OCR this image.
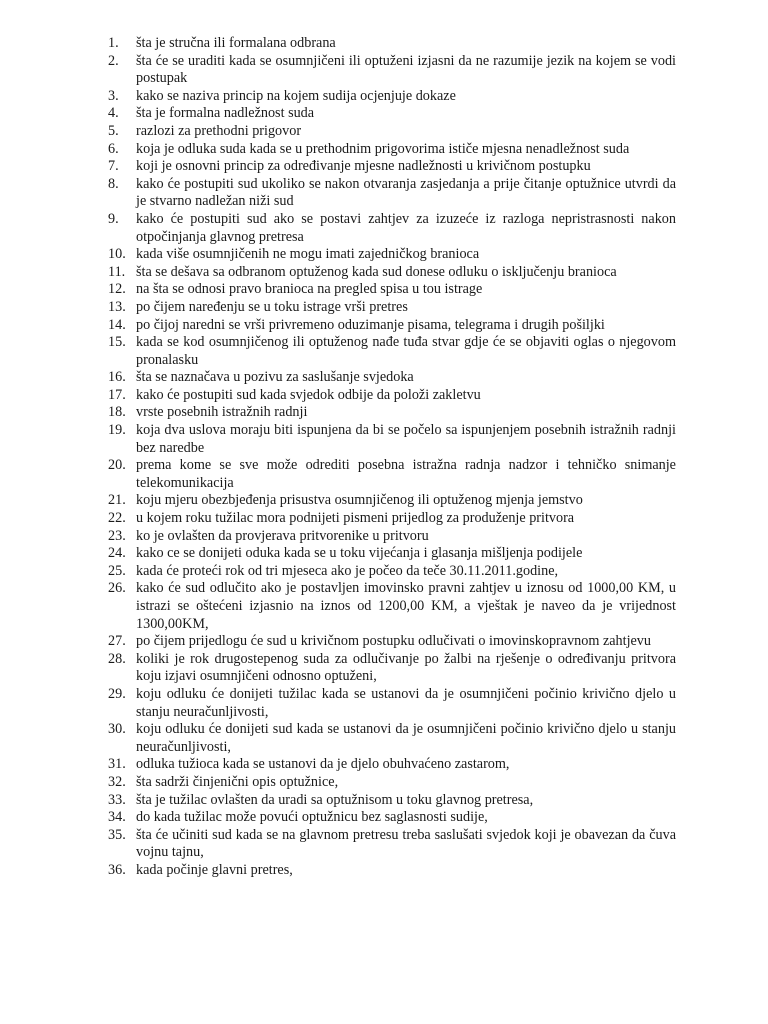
1.	šta je stručna ili formalana odbrana
2.	šta će se uraditi kada se osumnjičeni ili optuženi izjasni da ne razumije jezik na kojem se vodi postupak
3.	kako se naziva princip na kojem sudija ocjenjuje dokaze
4.	šta je formalna nadležnost suda
5.	razlozi za prethodni prigovor
6.	koja je odluka suda kada se u prethodnim prigovorima ističe mjesna nenadležnost suda
7.	koji je osnovni princip za određivanje mjesne nadležnosti u krivičnom postupku
8.	kako će postupiti sud ukoliko se nakon otvaranja zasjedanja a prije čitanje optužnice utvrdi da je stvarno nadležan niži sud
9.	kako će postupiti sud ako se postavi zahtjev za izuzeće iz razloga nepristrasnosti nakon otpočinjanja glavnog pretresa
10. kada više osumnjičenih ne mogu imati zajedničkog branioca
11. šta se dešava sa odbranom optuženog kada sud donese odluku o isključenju branioca
12. na šta se odnosi pravo branioca na pregled spisa u tou istrage
13. po čijem naređenju se u toku istrage vrši pretres
14. po čijoj naredni se vrši privremeno oduzimanje pisama, telegrama i drugih pošiljki
15. kada se kod osumnjičenog ili optuženog nađe tuđa stvar gdje će se objaviti oglas o njegovom pronalasku
16. šta se naznačava u pozivu za saslušanje svjedoka
17. kako će postupiti sud kada svjedok odbije da položi zakletvu
18. vrste posebnih istražnih radnji
19. koja dva uslova moraju biti ispunjena da bi se počelo sa ispunjenjem posebnih istražnih radnji bez naredbe
20. prema kome se sve može odrediti posebna istražna radnja nadzor i tehničko snimanje telekomunikacija
21. koju mjeru obezbjeđenja prisustva osumnjičenog ili optuženog mjenja jemstvo
22. u kojem roku tužilac mora podnijeti pismeni prijedlog za produženje pritvora
23. ko je ovlašten da provjerava pritvorenike u pritvoru
24. kako ce se donijeti oduka kada se u toku vijećanja i glasanja mišljenja podijele
25. kada će proteći rok od tri mjeseca ako je počeo da teče 30.11.2011.godine,
26. kako će sud odlučito ako je postavljen imovinsko pravni zahtjev u iznosu od 1000,00 KM, u istrazi se oštećeni izjasnio na iznos od 1200,00 KM, a vještak je naveo da je vrijednost 1300,00KM,
27. po čijem prijedlogu će sud u krivičnom postupku odlučivati o imovinskopravnom zahtjevu
28. koliki je rok drugostepenog suda za odlučivanje po žalbi na rješenje o određivanju pritvora koju izjavi osumnjičeni odnosno optuženi,
29. koju odluku će donijeti tužilac kada se ustanovi da je osumnjičeni počinio krivično djelo u stanju neuračunljivosti,
30. koju odluku će donijeti sud kada se ustanovi da je osumnjičeni počinio krivično djelo u stanju neuračunljivosti,
31. odluka tužioca kada se ustanovi da je djelo obuhvaćeno zastarom,
32. šta sadrži činjenični opis optužnice,
33. šta je tužilac ovlašten da uradi sa optužnisom u toku glavnog pretresa,
34. do kada tužilac može povući optužnicu bez saglasnosti sudije,
35. šta će učiniti sud kada se na glavnom pretresu treba saslušati svjedok koji je obavezan da čuva vojnu tajnu,
36. kada počinje glavni pretres,
